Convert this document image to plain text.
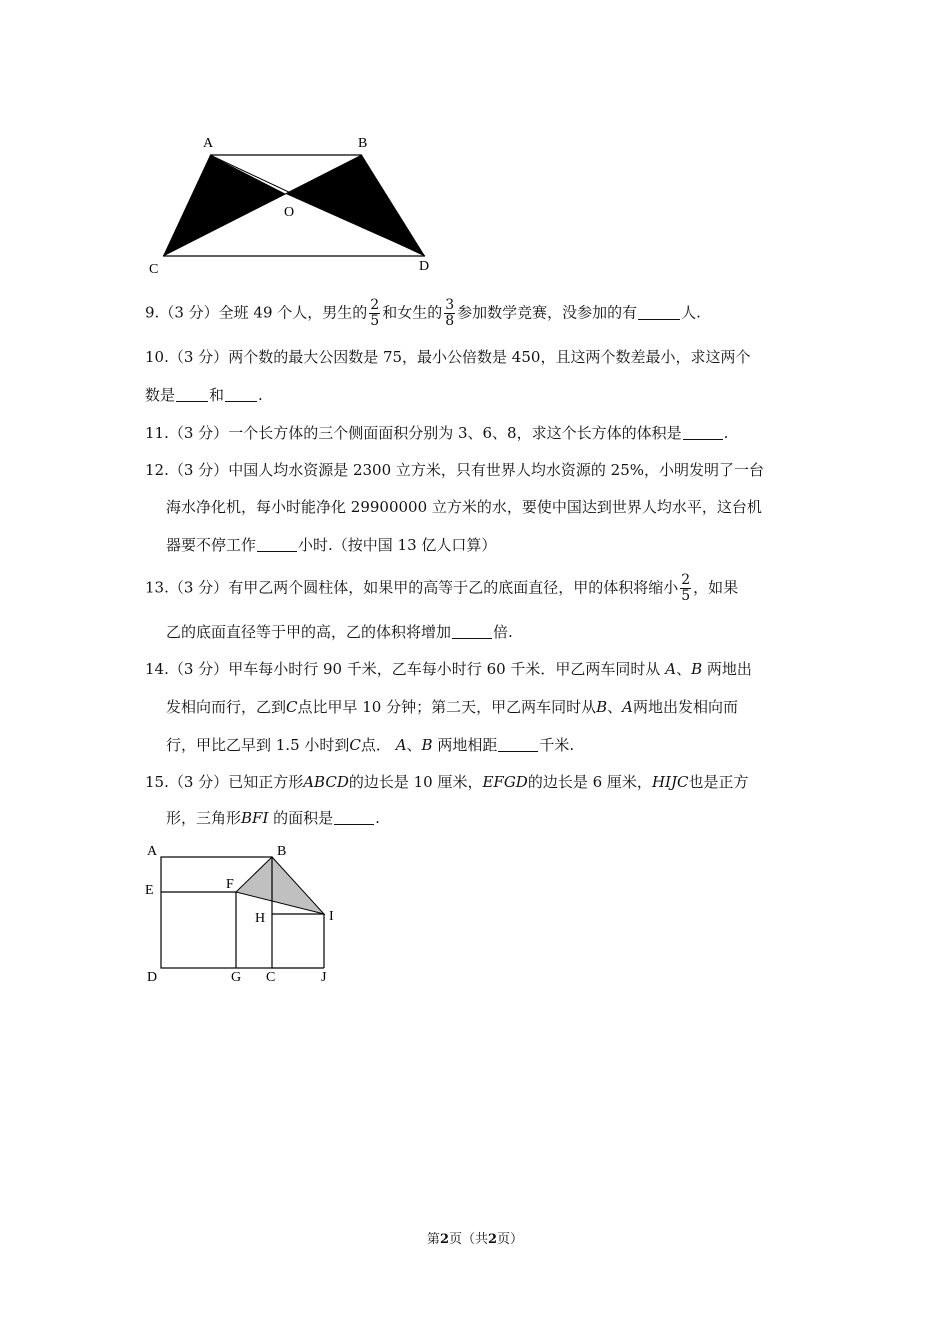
A	B
O
C	D
9.（3 分）全班 49 个人，男生的 $\frac{2}{5}$ 和女生的 $\frac{3}{8}$ 参加数学竞赛，没参加的有	人.
10.（3 分）两个数的最大公因数是 75，最小公倍数是 450，且这两个数差最小，求这两个
数是 和 .
11.（3 分）一个长方体的三个侧面面积分别为 3、6、8，求这个长方体的体积是	.
12.（3 分）中国人均水资源是 2300 立方米，只有世界人均水资源的 25%，小明发明了一台
海水净化机，每小时能净化 29900000 立方米的水，要使中国达到世界人均水平，这台机
器要不停工作	小时.（按中国 13 亿人口算）
13.（3 分）有甲乙两个圆柱体，如果甲的高等于乙的底面直径，甲的体积将缩小 $\frac{2}{5}$ ，如果
乙的底面直径等于甲的高，乙的体积将增加	倍.
14.（3 分）甲车每小时行 90 千米，乙车每小时行 60 千米．甲乙两车同时从 A、B 两地出
发相向而行，乙到C点比甲早 10 分钟；第二天，甲乙两车同时从B、A两地出发相向而
行，甲比乙早到 1.5 小时到C点． A、B 两地相距	千米.
15.（3 分）已知正方形ABCD的边长是 10 厘米，EFGD的边长是 6 厘米，HIJC也是正方
形，三角形BFI 的面积是	.
A	B
E	F
H	I
D	G C	J
第2页（共2页）
